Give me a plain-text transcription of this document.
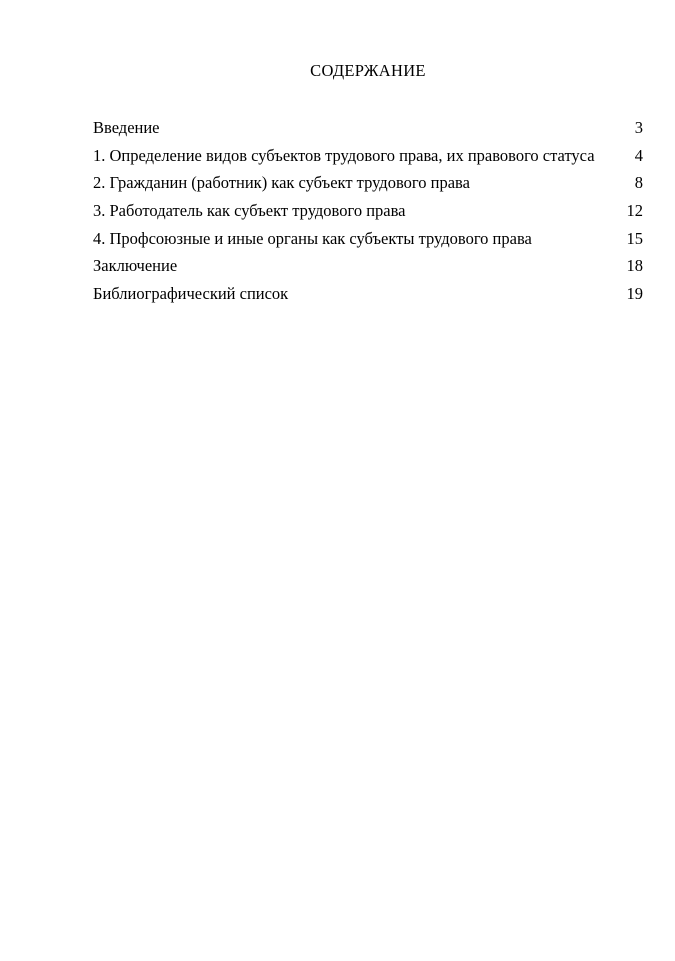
СОДЕРЖАНИЕ
Введение	3
1. Определение видов субъектов трудового права, их правового статуса	4
2. Гражданин (работник) как субъект трудового права	8
3. Работодатель как субъект трудового права	12
4. Профсоюзные и иные органы как субъекты трудового права	15
Заключение	18
Библиографический список	19
